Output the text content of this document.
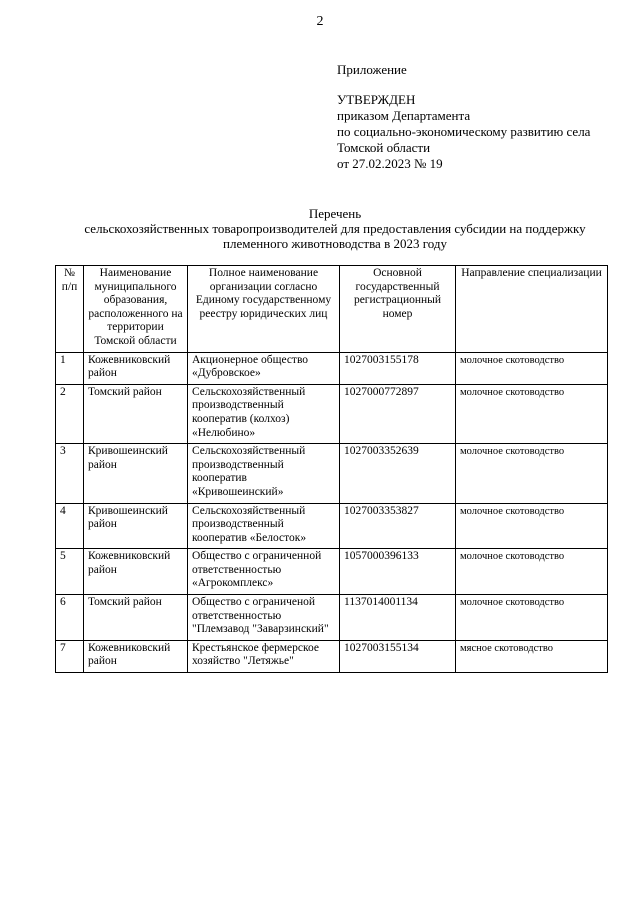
2
Приложение
УТВЕРЖДЕН
приказом Департамента
по социально-экономическому развитию села
Томской области
от 27.02.2023 № 19
Перечень
сельскохозяйственных товаропроизводителей для предоставления субсидии на поддержку
племенного животноводства в 2023 году
№ п/п	Наименование муниципального образования, расположенного на территории Томской области	Полное наименование организации согласно Единому государственному реестру юридических лиц	Основной государственный регистрационный номер	Направление специализации
1	Кожевниковский район	Акционерное общество «Дубровское»	1027003155178	молочное скотоводство
2	Томский район	Сельскохозяйственный производственный кооператив (колхоз) «Нелюбино»	1027000772897	молочное скотоводство
3	Кривошеинский район	Сельскохозяйственный производственный кооператив «Кривошеинский»	1027003352639	молочное скотоводство
4	Кривошеинский район	Сельскохозяйственный производственный кооператив «Белосток»	1027003353827	молочное скотоводство
5	Кожевниковский район	Общество с ограниченной ответственностью «Агрокомплекс»	1057000396133	молочное скотоводство
6	Томский район	Общество с ограниченой ответственностью "Племзавод "Заварзинский"	1137014001134	молочное скотоводство
7	Кожевниковский район	Крестьянское фермерское хозяйство "Летяжье"	1027003155134	мясное скотоводство
